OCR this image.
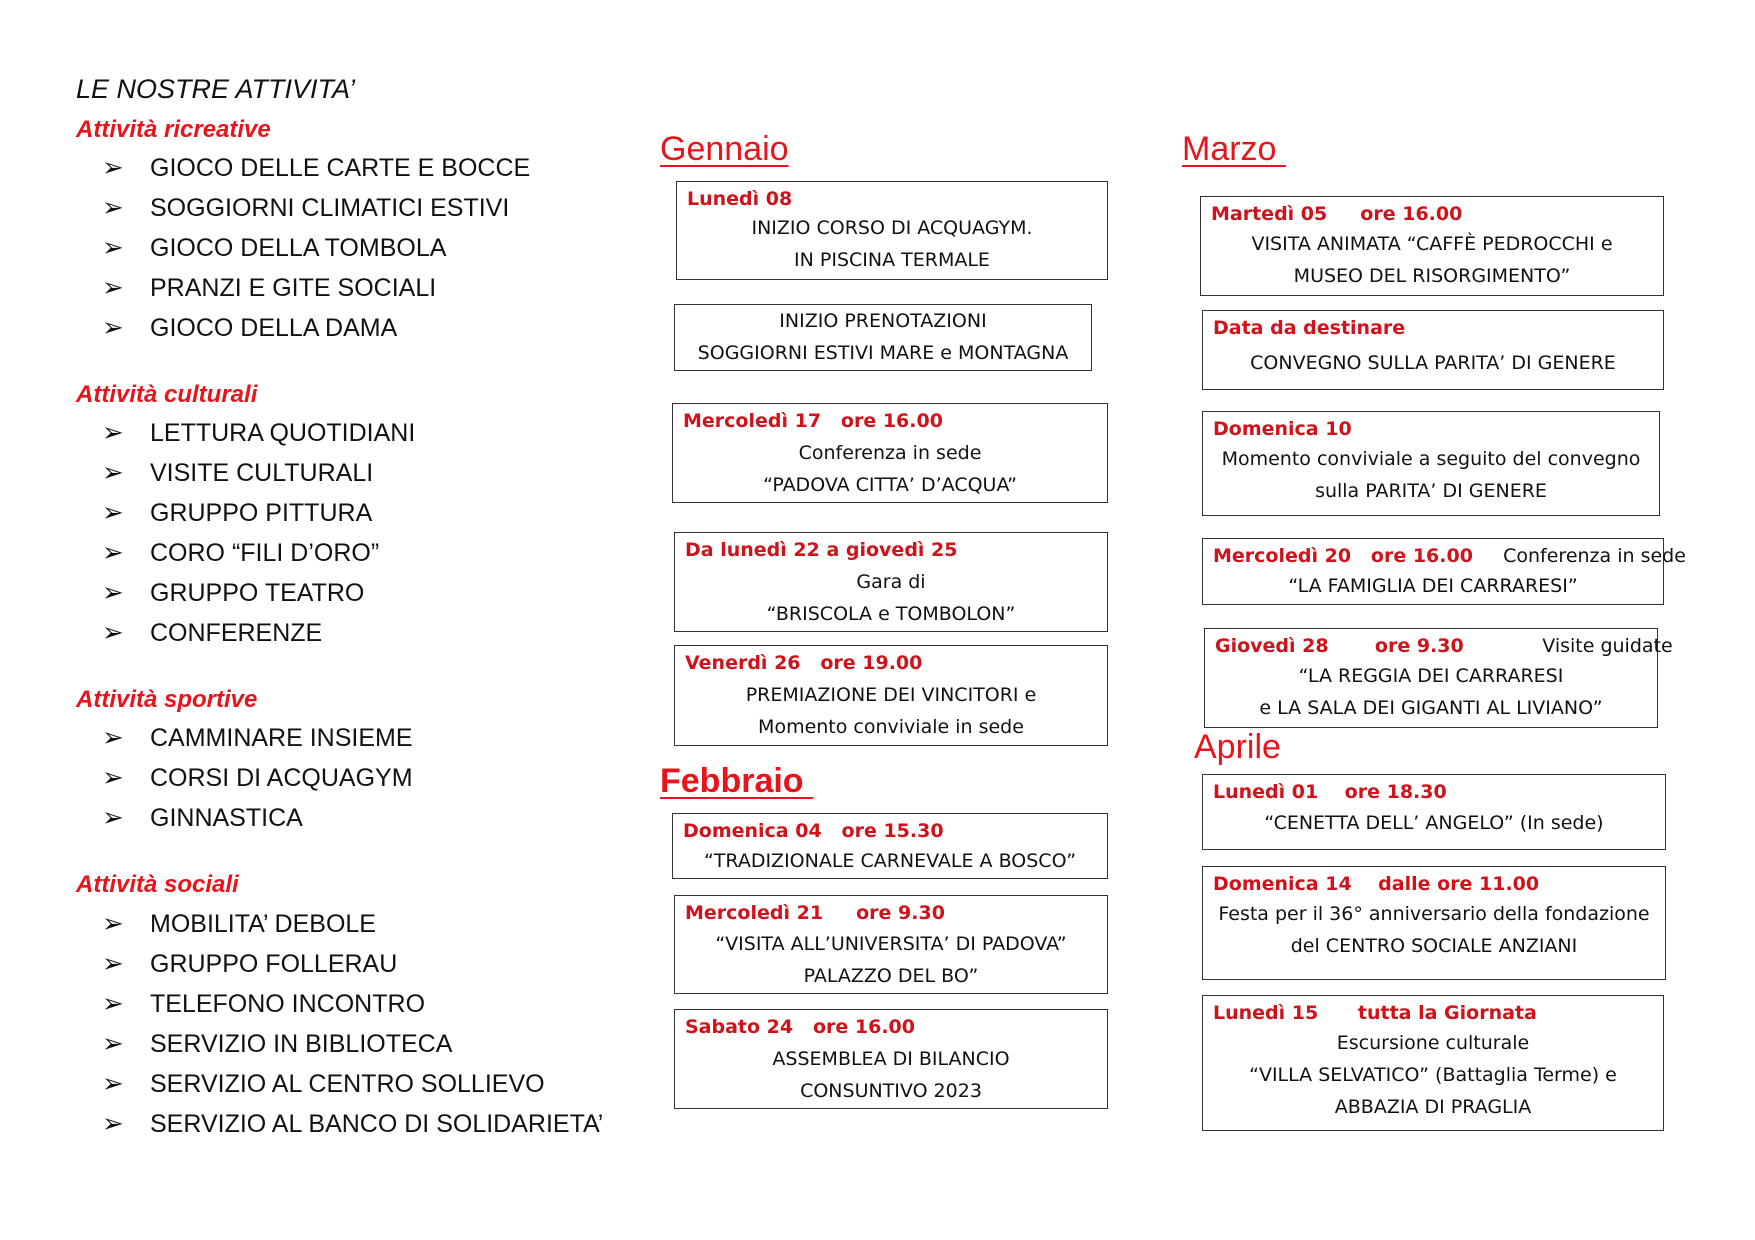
LE NOSTRE ATTIVITA’
Attività ricreative
➢ GIOCO DELLE CARTE E BOCCE
➢ SOGGIORNI CLIMATICI ESTIVI
➢ GIOCO DELLA TOMBOLA
➢ PRANZI E GITE SOCIALI
➢ GIOCO DELLA DAMA
Attività culturali
➢ LETTURA QUOTIDIANI
➢ VISITE CULTURALI
➢ GRUPPO PITTURA
➢ CORO “FILI D’ORO”
➢ GRUPPO TEATRO
➢ CONFERENZE
Attività sportive
➢ CAMMINARE INSIEME
➢ CORSI DI ACQUAGYM
➢ GINNASTICA
Attività sociali
➢ MOBILITA’ DEBOLE
➢ GRUPPO FOLLERAU
➢ TELEFONO INCONTRO
➢ SERVIZIO IN BIBLIOTECA
➢ SERVIZIO AL CENTRO SOLLIEVO
➢ SERVIZIO AL BANCO DI SOLIDARIETA’
Gennaio
Lunedì 08
INIZIO CORSO DI ACQUAGYM.
IN PISCINA TERMALE
INIZIO PRENOTAZIONI
SOGGIORNI ESTIVI MARE e MONTAGNA
Mercoledì 17   ore 16.00
Conferenza in sede
“PADOVA CITTA’ D’ACQUA”
Da lunedì 22 a giovedì 25
Gara di
“BRISCOLA e TOMBOLON”
Venerdì 26   ore 19.00
PREMIAZIONE DEI VINCITORI e
Momento conviviale in sede
Febbraio
Domenica 04   ore 15.30
“TRADIZIONALE CARNEVALE A BOSCO”
Mercoledì 21     ore 9.30
“VISITA ALL’UNIVERSITA’ DI PADOVA”
PALAZZO DEL BO”
Sabato 24   ore 16.00
ASSEMBLEA DI BILANCIO
CONSUNTIVO 2023
Marzo
Martedì 05     ore 16.00
VISITA ANIMATA “CAFFÈ PEDROCCHI e
MUSEO DEL RISORGIMENTO”
Data da destinare
CONVEGNO SULLA PARITA’ DI GENERE
Domenica 10
Momento conviviale a seguito del convegno
sulla PARITA’ DI GENERE
Mercoledì 20   ore 16.00     Conferenza in sede
“LA FAMIGLIA DEI CARRARESI”
Giovedì 28       ore 9.30             Visite guidate
“LA REGGIA DEI CARRARESI
e LA SALA DEI GIGANTI AL LIVIANO”
Aprile
Lunedì 01    ore 18.30
“CENETTA DELL’ ANGELO” (In sede)
Domenica 14    dalle ore 11.00
Festa per il 36° anniversario della fondazione
del CENTRO SOCIALE ANZIANI
Lunedì 15      tutta la Giornata
Escursione culturale
“VILLA SELVATICO” (Battaglia Terme) e
ABBAZIA DI PRAGLIA
